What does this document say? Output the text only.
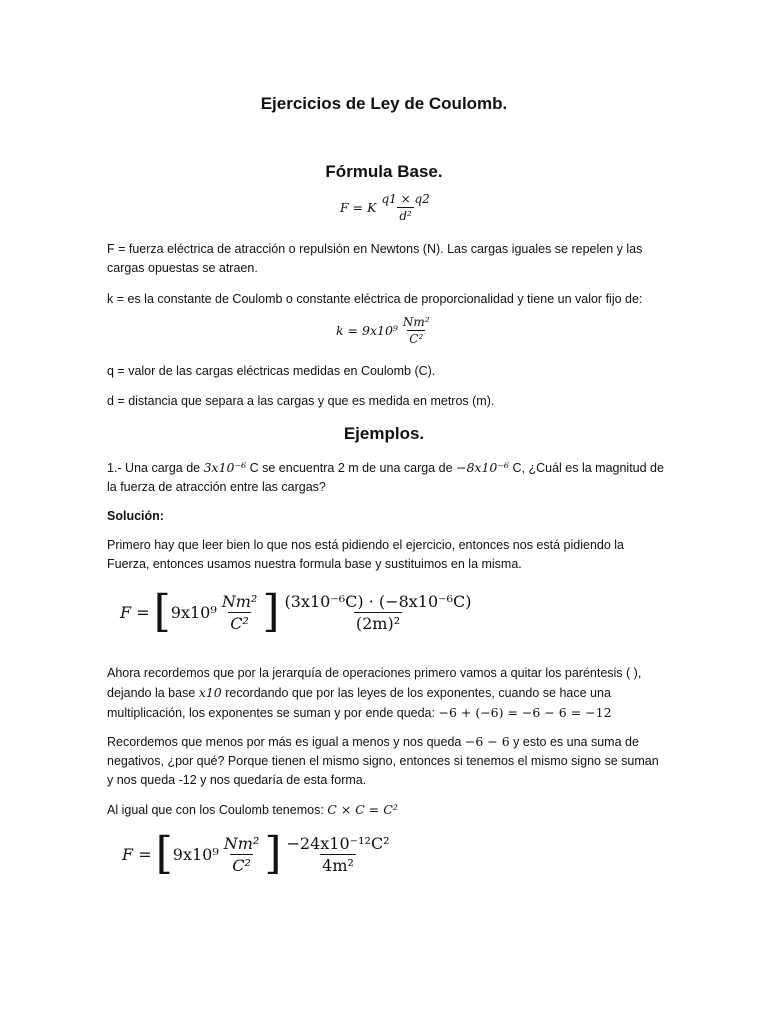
Ejercicios de Ley de Coulomb.
Fórmula Base.
F = K $\frac{q1 \times q2}{\text{d²}}$
F = fuerza eléctrica de atracción o repulsión en Newtons (N). Las cargas iguales se repelen y las cargas opuestas se atraen.
k = es la constante de Coulomb o constante eléctrica de proporcionalidad y tiene un valor fijo de:
$k = 9x10^9 \frac{\text{Nm²}}{\text{C²}}$
q = valor de las cargas eléctricas medidas en Coulomb (C).
d = distancia que separa a las cargas y que es medida en metros (m).
Ejemplos.
1.- Una carga de 3x10⁻⁶ C se encuentra 2 m de una carga de −8x10⁻⁶ C, ¿Cuál es la magnitud de
la fuerza de atracción entre las cargas?
Solución:
Primero hay que leer bien lo que nos está pidiendo el ejercicio, entonces nos está pidiendo la Fuerza, entonces usamos nuestra formula base y sustituimos en la misma.
F = [ $9x10^9 \frac{\text{Nm²}}{\text{C²}}$ ] $\frac{\text{(3x10⁻⁶C) · (−8x10⁻⁶C)}}{\text{(2m)²}}$
Ahora recordemos que por la jerarquía de operaciones primero vamos a quitar los paréntesis ( ),
dejando la base x10 recordando que por las leyes de los exponentes, cuando se hace una
multiplicación, los exponentes se suman y por ende queda: −6 + (−6) = −6 − 6 = −12
Recordemos que menos por más es igual a menos y nos queda −6 − 6 y esto es una suma de
negativos, ¿por qué? Porque tienen el mismo signo, entonces si tenemos el mismo signo se suman
y nos queda -12 y nos quedaría de esta forma.
Al igual que con los Coulomb tenemos: C × C = C²
F = [ $9x10^9 \frac{\text{Nm²}}{\text{C²}}$ ] $\frac{\text{−24x10⁻¹²C²}}{\text{4m²}}$
